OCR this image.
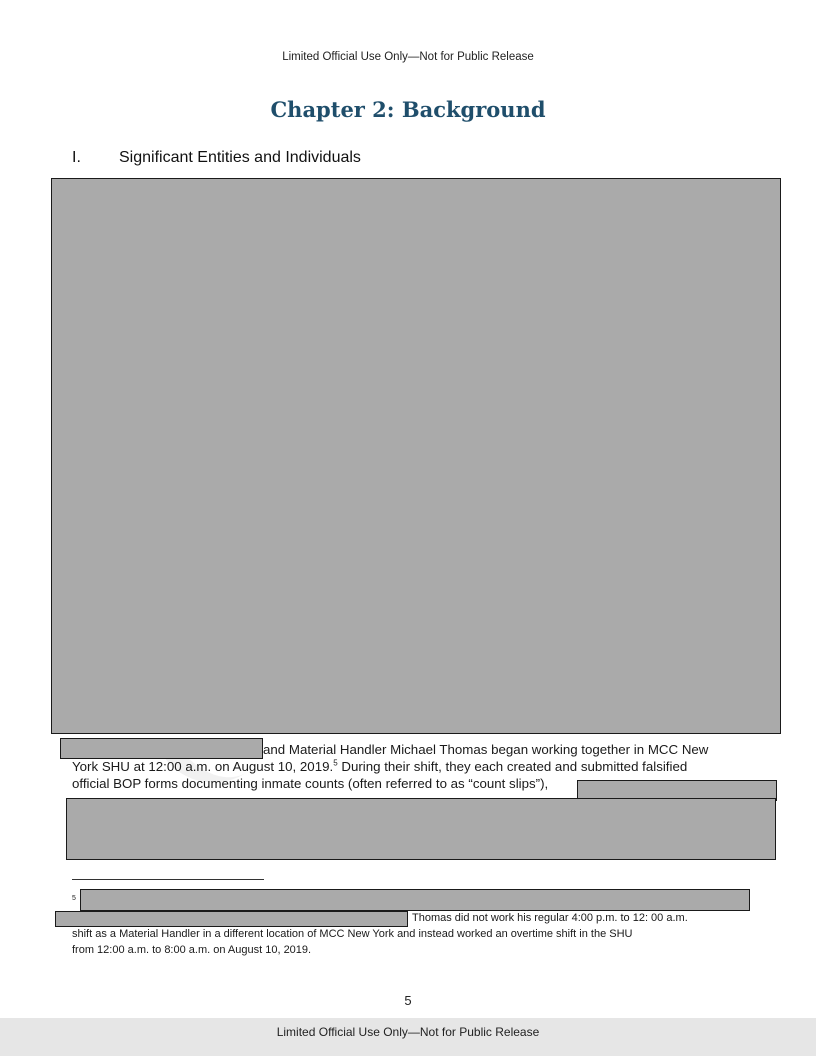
Limited Official Use Only—Not for Public Release
Chapter 2: Background
I. Significant Entities and Individuals
and Material Handler Michael Thomas began working together in MCC New
York SHU at 12:00 a.m. on August 10, 2019.$^5$ During their shift, they each created and submitted falsified
official BOP forms documenting inmate counts (often referred to as “count slips”),
5
Thomas did not work his regular 4:00 p.m. to 12: 00 a.m.
shift as a Material Handler in a different location of MCC New York and instead worked an overtime shift in the SHU
from 12:00 a.m. to 8:00 a.m. on August 10, 2019.
5
Limited Official Use Only—Not for Public Release
